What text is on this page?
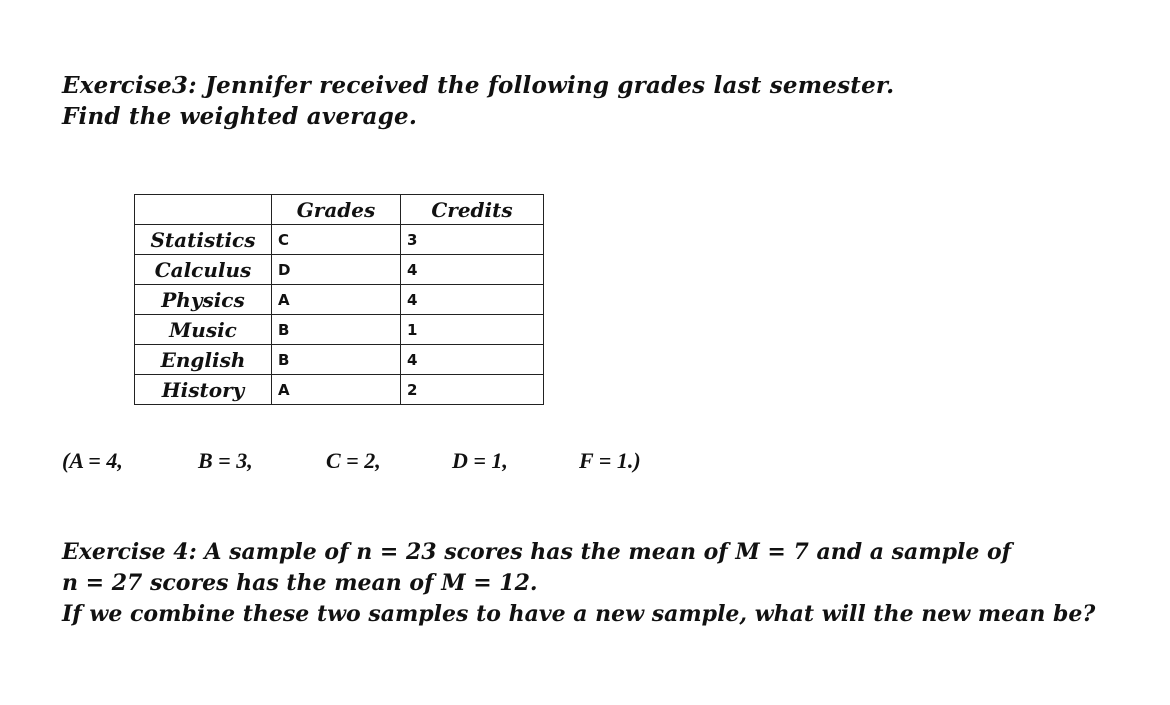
Exercise3: Jennifer received the following grades last semester.
Find the weighted average.
	Grades	Credits
Statistics	C	3
Calculus	D	4
Physics	A	4
Music	B	1
English	B	4
History	A	2
(A = 4,	B = 3,	C = 2,	D = 1,	F = 1.)
Exercise 4: A sample of n = 23 scores has the mean of M = 7 and a sample of
n = 27 scores has the mean of M = 12.
If we combine these two samples to have a new sample, what will the new mean be?
